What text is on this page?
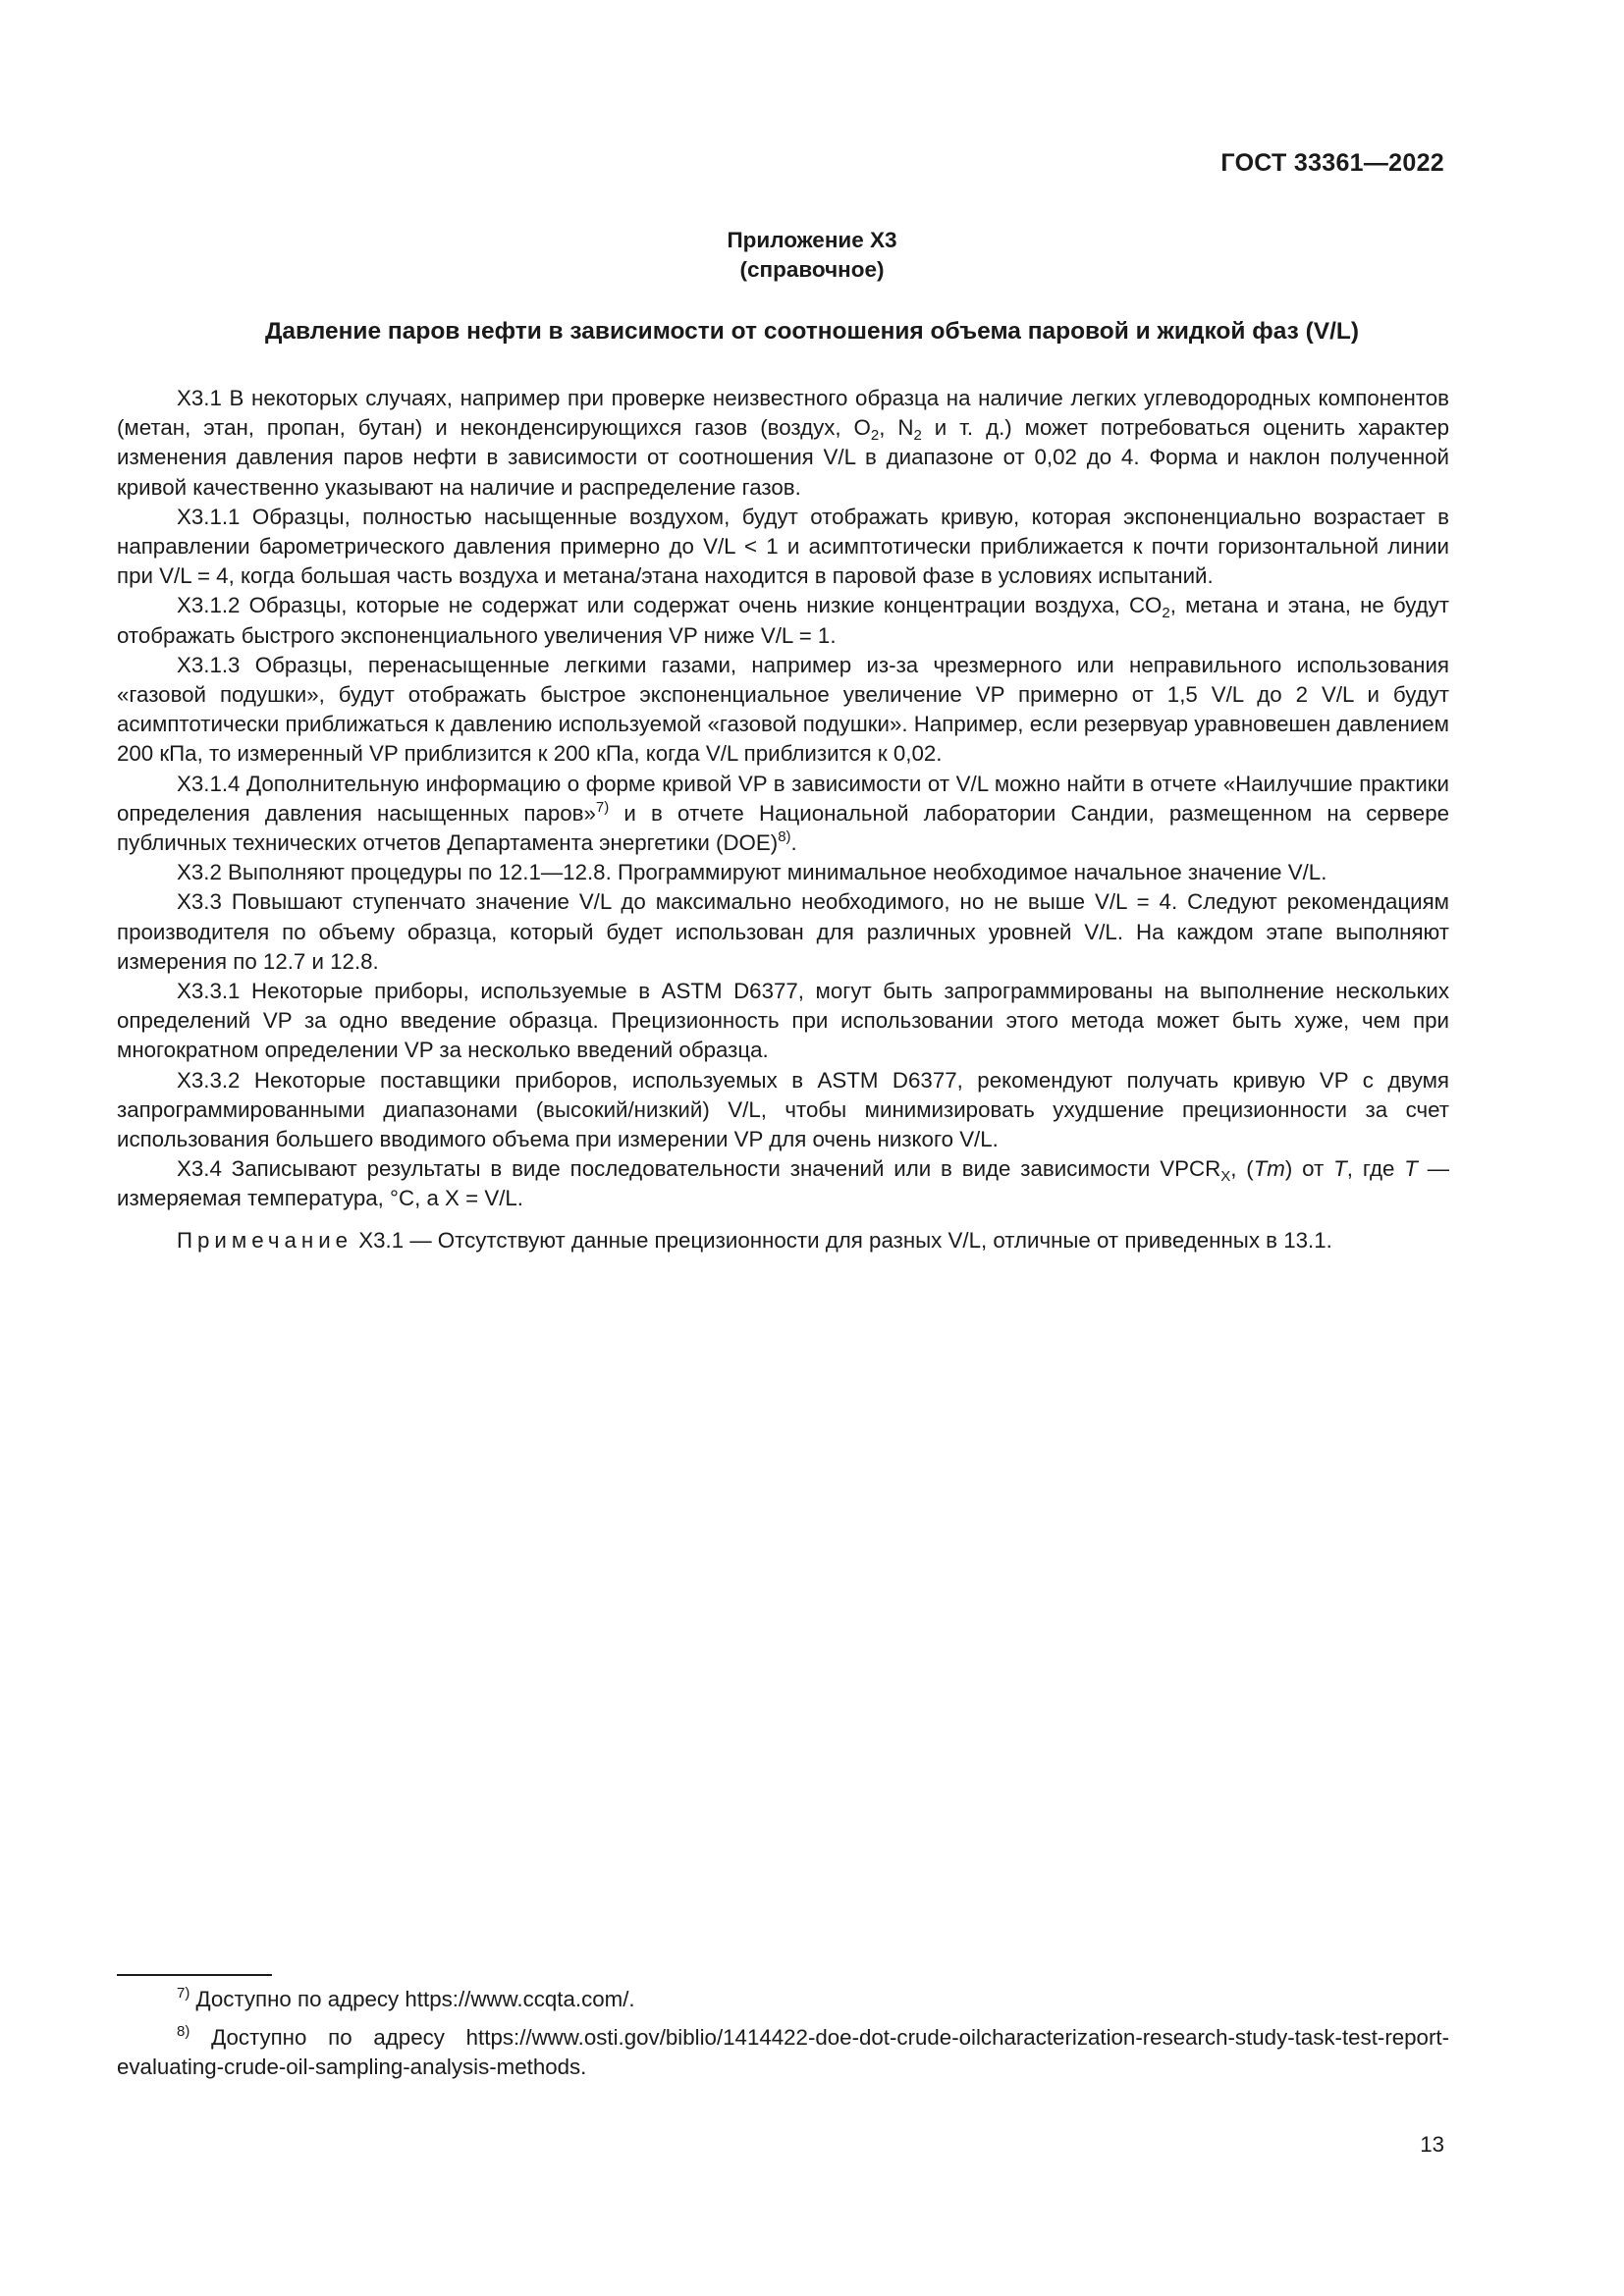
ГОСТ 33361—2022
Приложение Х3
(справочное)
Давление паров нефти в зависимости от соотношения объема паровой и жидкой фаз (V/L)

Х3.1 В некоторых случаях, например при проверке неизвестного образца на наличие легких углеводородных компонентов (метан, этан, пропан, бутан) и неконденсирующихся газов (воздух, $O_2$, $N_2$ и т. д.) может потребоваться оценить характер изменения давления паров нефти в зависимости от соотношения V/L в диапазоне от 0,02 до 4. Форма и наклон полученной кривой качественно указывают на наличие и распределение газов.

Х3.1.1 Образцы, полностью насыщенные воздухом, будут отображать кривую, которая экспоненциально возрастает в направлении барометрического давления примерно до V/L < 1 и асимптотически приближается к почти горизонтальной линии при V/L = 4, когда большая часть воздуха и метана/этана находится в паровой фазе в условиях испытаний.

Х3.1.2 Образцы, которые не содержат или содержат очень низкие концентрации воздуха, $CO_2$, метана и этана, не будут отображать быстрого экспоненциального увеличения VP ниже V/L = 1.

Х3.1.3 Образцы, перенасыщенные легкими газами, например из-за чрезмерного или неправильного использования «газовой подушки», будут отображать быстрое экспоненциальное увеличение VP примерно от 1,5 V/L до 2 V/L и будут асимптотически приближаться к давлению используемой «газовой подушки». Например, если резервуар уравновешен давлением 200 кПа, то измеренный VP приблизится к 200 кПа, когда V/L приблизится к 0,02.

Х3.1.4 Дополнительную информацию о форме кривой VP в зависимости от V/L можно найти в отчете «Наилучшие практики определения давления насыщенных паров»$^{7)}$ и в отчете Национальной лаборатории Сандии, размещенном на сервере публичных технических отчетов Департамента энергетики (DOE)$^{8)}$.

Х3.2 Выполняют процедуры по 12.1—12.8. Программируют минимальное необходимое начальное значение V/L.

Х3.3 Повышают ступенчато значение V/L до максимально необходимого, но не выше V/L = 4. Следуют рекомендациям производителя по объему образца, который будет использован для различных уровней V/L. На каждом этапе выполняют измерения по 12.7 и 12.8.

Х3.3.1 Некоторые приборы, используемые в ASTM D6377, могут быть запрограммированы на выполнение нескольких определений VP за одно введение образца. Прецизионность при использовании этого метода может быть хуже, чем при многократном определении VP за несколько введений образца.

Х3.3.2 Некоторые поставщики приборов, используемых в ASTM D6377, рекомендуют получать кривую VP с двумя запрограммированными диапазонами (высокий/низкий) V/L, чтобы минимизировать ухудшение прецизионности за счет использования большего вводимого объема при измерении VP для очень низкого V/L.

Х3.4 Записывают результаты в виде последовательности значений или в виде зависимости $VPCR_X$, (Tm) от T, где T — измеряемая температура, °C, а X = V/L.

Примечание Х3.1 — Отсутствуют данные прецизионности для разных V/L, отличные от приведенных в 13.1.

$^{7)}$ Доступно по адресу https://www.ccqta.com/.

$^{8)}$ Доступно по адресу https://www.osti.gov/biblio/1414422-doe-dot-crude-oilcharacterization-research-study-task-test-report-evaluating-crude-oil-sampling-analysis-methods.

13
